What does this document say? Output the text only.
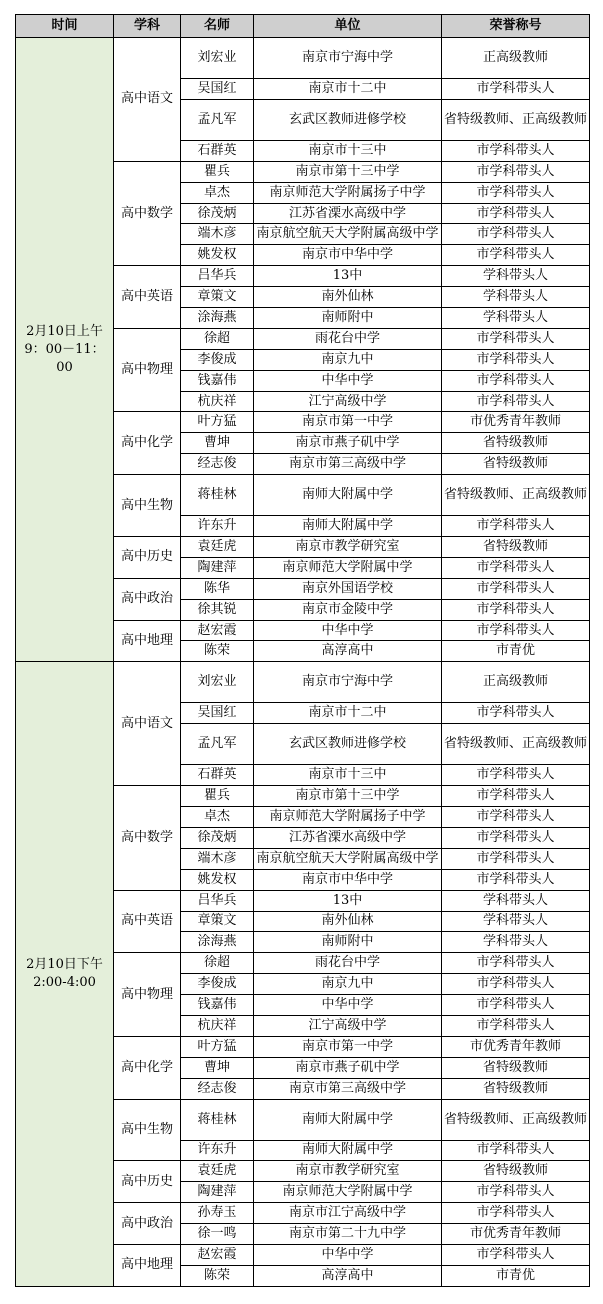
时间	学科	名师	单位	荣誉称号

2月10日上午
9：00－11：00	高中语文	刘宏业	南京市宁海中学	正高级教师
		吴国红	南京市十二中	市学科带头人
		孟凡军	玄武区教师进修学校	省特级教师、正高级教师
		石群英	南京市十三中	市学科带头人
	高中数学	瞿兵	南京市第十三中学	市学科带头人
		卓杰	南京师范大学附属扬子中学	市学科带头人
		徐茂炳	江苏省溧水高级中学	市学科带头人
		端木彦	南京航空航天大学附属高级中学	市学科带头人
		姚发权	南京市中华中学	市学科带头人
	高中英语	吕华兵	13中	学科带头人
		章策文	南外仙林	学科带头人
		涂海燕	南师附中	学科带头人
	高中物理	徐超	雨花台中学	市学科带头人
		李俊成	南京九中	市学科带头人
		钱嘉伟	中华中学	市学科带头人
		杭庆祥	江宁高级中学	市学科带头人
	高中化学	叶方猛	南京市第一中学	市优秀青年教师
		曹坤	南京市燕子矶中学	省特级教师
		经志俊	南京市第三高级中学	省特级教师
	高中生物	蒋桂林	南师大附属中学	省特级教师、正高级教师
		许东升	南师大附属中学	市学科带头人
	高中历史	袁廷虎	南京市教学研究室	省特级教师
		陶建萍	南京师范大学附属中学	市学科带头人
	高中政治	陈华	南京外国语学校	市学科带头人
		徐其锐	南京市金陵中学	市学科带头人
	高中地理	赵宏霞	中华中学	市学科带头人
		陈荣	高淳高中	市青优

2月10日下午
2:00-4:00	高中语文	刘宏业	南京市宁海中学	正高级教师
		吴国红	南京市十二中	市学科带头人
		孟凡军	玄武区教师进修学校	省特级教师、正高级教师
		石群英	南京市十三中	市学科带头人
	高中数学	瞿兵	南京市第十三中学	市学科带头人
		卓杰	南京师范大学附属扬子中学	市学科带头人
		徐茂炳	江苏省溧水高级中学	市学科带头人
		端木彦	南京航空航天大学附属高级中学	市学科带头人
		姚发权	南京市中华中学	市学科带头人
	高中英语	吕华兵	13中	学科带头人
		章策文	南外仙林	学科带头人
		涂海燕	南师附中	学科带头人
	高中物理	徐超	雨花台中学	市学科带头人
		李俊成	南京九中	市学科带头人
		钱嘉伟	中华中学	市学科带头人
		杭庆祥	江宁高级中学	市学科带头人
	高中化学	叶方猛	南京市第一中学	市优秀青年教师
		曹坤	南京市燕子矶中学	省特级教师
		经志俊	南京市第三高级中学	省特级教师
	高中生物	蒋桂林	南师大附属中学	省特级教师、正高级教师
		许东升	南师大附属中学	市学科带头人
	高中历史	袁廷虎	南京市教学研究室	省特级教师
		陶建萍	南京师范大学附属中学	市学科带头人
	高中政治	孙寿玉	南京市江宁高级中学	市学科带头人
		徐一鸣	南京市第二十九中学	市优秀青年教师
	高中地理	赵宏霞	中华中学	市学科带头人
		陈荣	高淳高中	市青优
